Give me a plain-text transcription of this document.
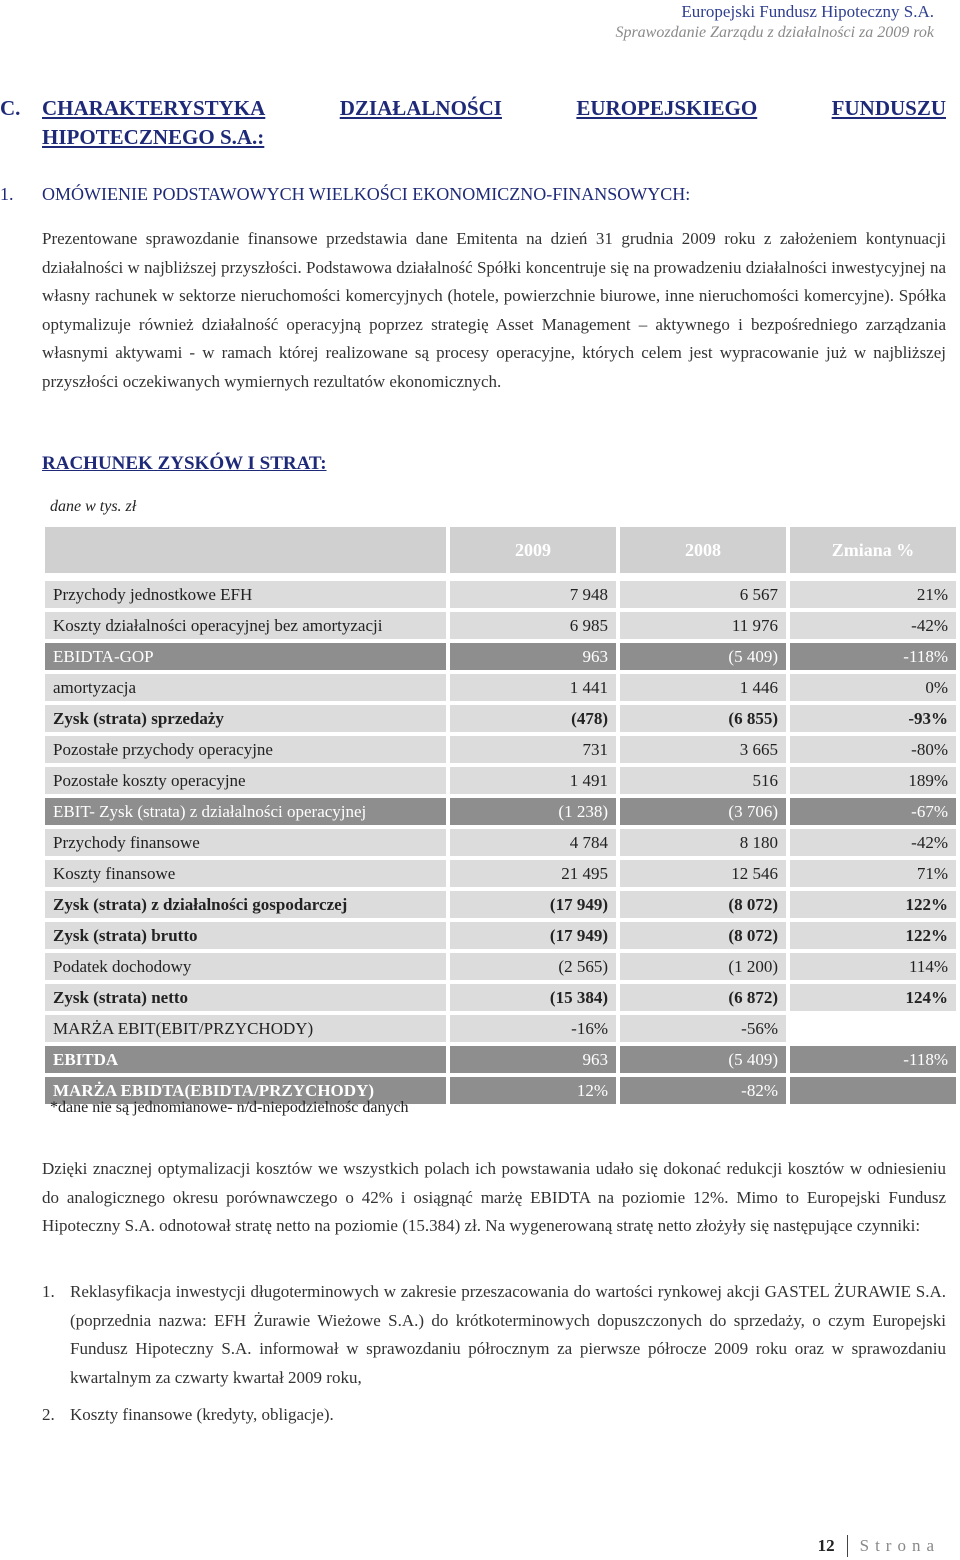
Europejski Fundusz Hipoteczny S.A.
Sprawozdanie Zarządu z działalności za 2009 rok
C.	CHARAKTERYSTYKA	DZIAŁALNOŚCI	EUROPEJSKIEGO	FUNDUSZU
HIPOTECZNEGO S.A.:
1.	OMÓWIENIE PODSTAWOWYCH WIELKOŚCI EKONOMICZNO-FINANSOWYCH:
Prezentowane sprawozdanie finansowe przedstawia dane Emitenta na dzień 31 grudnia 2009 roku z założeniem kontynuacji działalności w najbliższej przyszłości. Podstawowa działalność Spółki koncentruje się na prowadzeniu działalności inwestycyjnej na własny rachunek w sektorze nieruchomości komercyjnych (hotele, powierzchnie biurowe, inne nieruchomości komercyjne). Spółka optymalizuje również działalność operacyjną poprzez strategię Asset Management – aktywnego i bezpośredniego zarządzania własnymi aktywami - w ramach której realizowane są procesy operacyjne, których celem jest wypracowanie już w najbliższej przyszłości oczekiwanych wymiernych rezultatów ekonomicznych.
RACHUNEK ZYSKÓW I STRAT:
dane w tys. zł
	2009	2008	Zmiana %

Przychody jednostkowe EFH	7 948	6 567	21%
Koszty działalności operacyjnej bez amortyzacji	6 985	11 976	-42%
EBIDTA-GOP	963	(5 409)	-118%
amortyzacja	1 441	1 446	0%
Zysk (strata) sprzedaży	(478)	(6 855)	-93%
Pozostałe przychody operacyjne	731	3 665	-80%
Pozostałe koszty operacyjne	1 491	516	189%
EBIT- Zysk (strata) z działalności operacyjnej	(1 238)	(3 706)	-67%
Przychody finansowe	4 784	8 180	-42%
Koszty finansowe	21 495	12 546	71%
Zysk (strata) z działalności gospodarczej	(17 949)	(8 072)	122%
Zysk (strata) brutto	(17 949)	(8 072)	122%
Podatek dochodowy	(2 565)	(1 200)	114%
Zysk (strata) netto	(15 384)	(6 872)	124%
MARŻA EBIT(EBIT/PRZYCHODY)	-16%	-56%	
EBITDA	963	(5 409)	-118%
MARŻA EBIDTA(EBIDTA/PRZYCHODY)	12%	-82%	
*dane nie są jednomianowe- n/d-niepodzielnośc danych
Dzięki znacznej optymalizacji kosztów we wszystkich polach ich powstawania udało się dokonać redukcji kosztów w odniesieniu do analogicznego okresu porównawczego o 42% i osiągnąć marżę EBIDTA na poziomie 12%. Mimo to Europejski Fundusz Hipoteczny S.A. odnotował stratę netto na poziomie (15.384) zł. Na wygenerowaną stratę netto złożyły się następujące czynniki:
1. Reklasyfikacja inwestycji długoterminowych w zakresie przeszacowania do wartości rynkowej akcji GASTEL ŻURAWIE S.A. (poprzednia nazwa: EFH Żurawie Wieżowe S.A.) do krótkoterminowych dopuszczonych do sprzedaży, o czym Europejski Fundusz Hipoteczny S.A. informował w sprawozdaniu półrocznym za pierwsze półrocze 2009 roku oraz w sprawozdaniu kwartalnym za czwarty kwartał 2009 roku,
2. Koszty finansowe (kredyty, obligacje).
12 Strona
